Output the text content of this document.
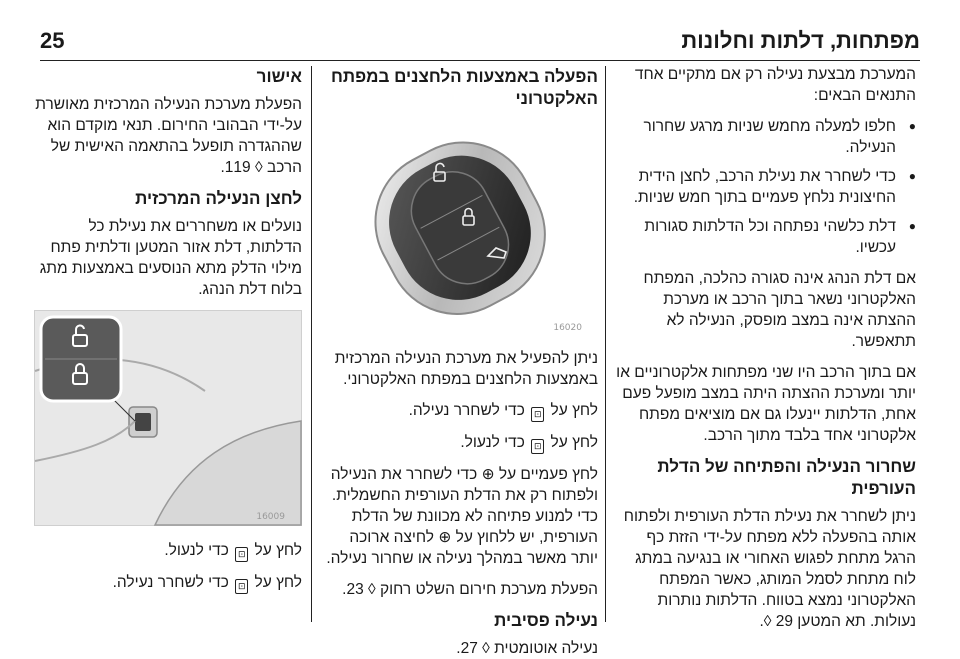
מפתחות, דלתות וחלונות
25

המערכת מבצעת נעילה רק אם מתקיים אחד התנאים הבאים:

● חלפו למעלה מחמש שניות מרגע שחרור הנעילה.
● כדי לשחרר את נעילת הרכב, לחצן הידית החיצונית נלחץ פעמיים בתוך חמש שניות.
● דלת כלשהי נפתחה וכל הדלתות סגורות עכשיו.

אם דלת הנהג אינה סגורה כהלכה, המפתח האלקטרוני נשאר בתוך הרכב או מערכת ההצתה אינה במצב מופסק, הנעילה לא תתאפשר.

אם בתוך הרכב היו שני מפתחות אלקטרוניים או יותר ומערכת ההצתה היתה במצב מופעל פעם אחת, הדלתות יינעלו גם אם מוציאים מפתח אלקטרוני אחד בלבד מתוך הרכב.

שחרור הנעילה והפתיחה של הדלת העורפית

ניתן לשחרר את נעילת הדלת העורפית ולפתוח אותה בהפעלה ללא מפתח על-ידי הזזת כף הרגל מתחת לפגוש האחורי או בנגיעה במתג לוח מתחת לסמל המותג, כאשר המפתח האלקטרוני נמצא בטווח. הדלתות נותרות נעולות. תא המטען 29 ◊.

הפעלה באמצעות הלחצנים במפתח האלקטרוני
16020

ניתן להפעיל את מערכת הנעילה המרכזית באמצעות הלחצנים במפתח האלקטרוני.

לחץ על ⊡ כדי לשחרר נעילה.

לחץ על ⊡ כדי לנעול.

לחץ פעמיים על ⊕ כדי לשחרר את הנעילה ולפתוח רק את הדלת העורפית החשמלית. כדי למנוע פתיחה לא מכוונת של הדלת העורפית, יש ללחוץ על ⊕ לחיצה ארוכה יותר מאשר במהלך נעילה או שחרור נעילה.

הפעלת מערכת חירום השלט רחוק ◊ 23.

נעילה פסיבית

נעילה אוטומטית ◊ 27.

אישור

הפעלת מערכת הנעילה המרכזית מאושרת על-ידי הבהובי החירום. תנאי מוקדם הוא שההגדרה תופעל בהתאמה האישית של הרכב ◊ 119.

לחצן הנעילה המרכזית

נועלים או משחררים את נעילת כל הדלתות, דלת אזור המטען ודלתית פתח מילוי הדלק מתא הנוסעים באמצעות מתג בלוח דלת הנהג.

16009

לחץ על ⊡ כדי לנעול.

לחץ על ⊡ כדי לשחרר נעילה.
